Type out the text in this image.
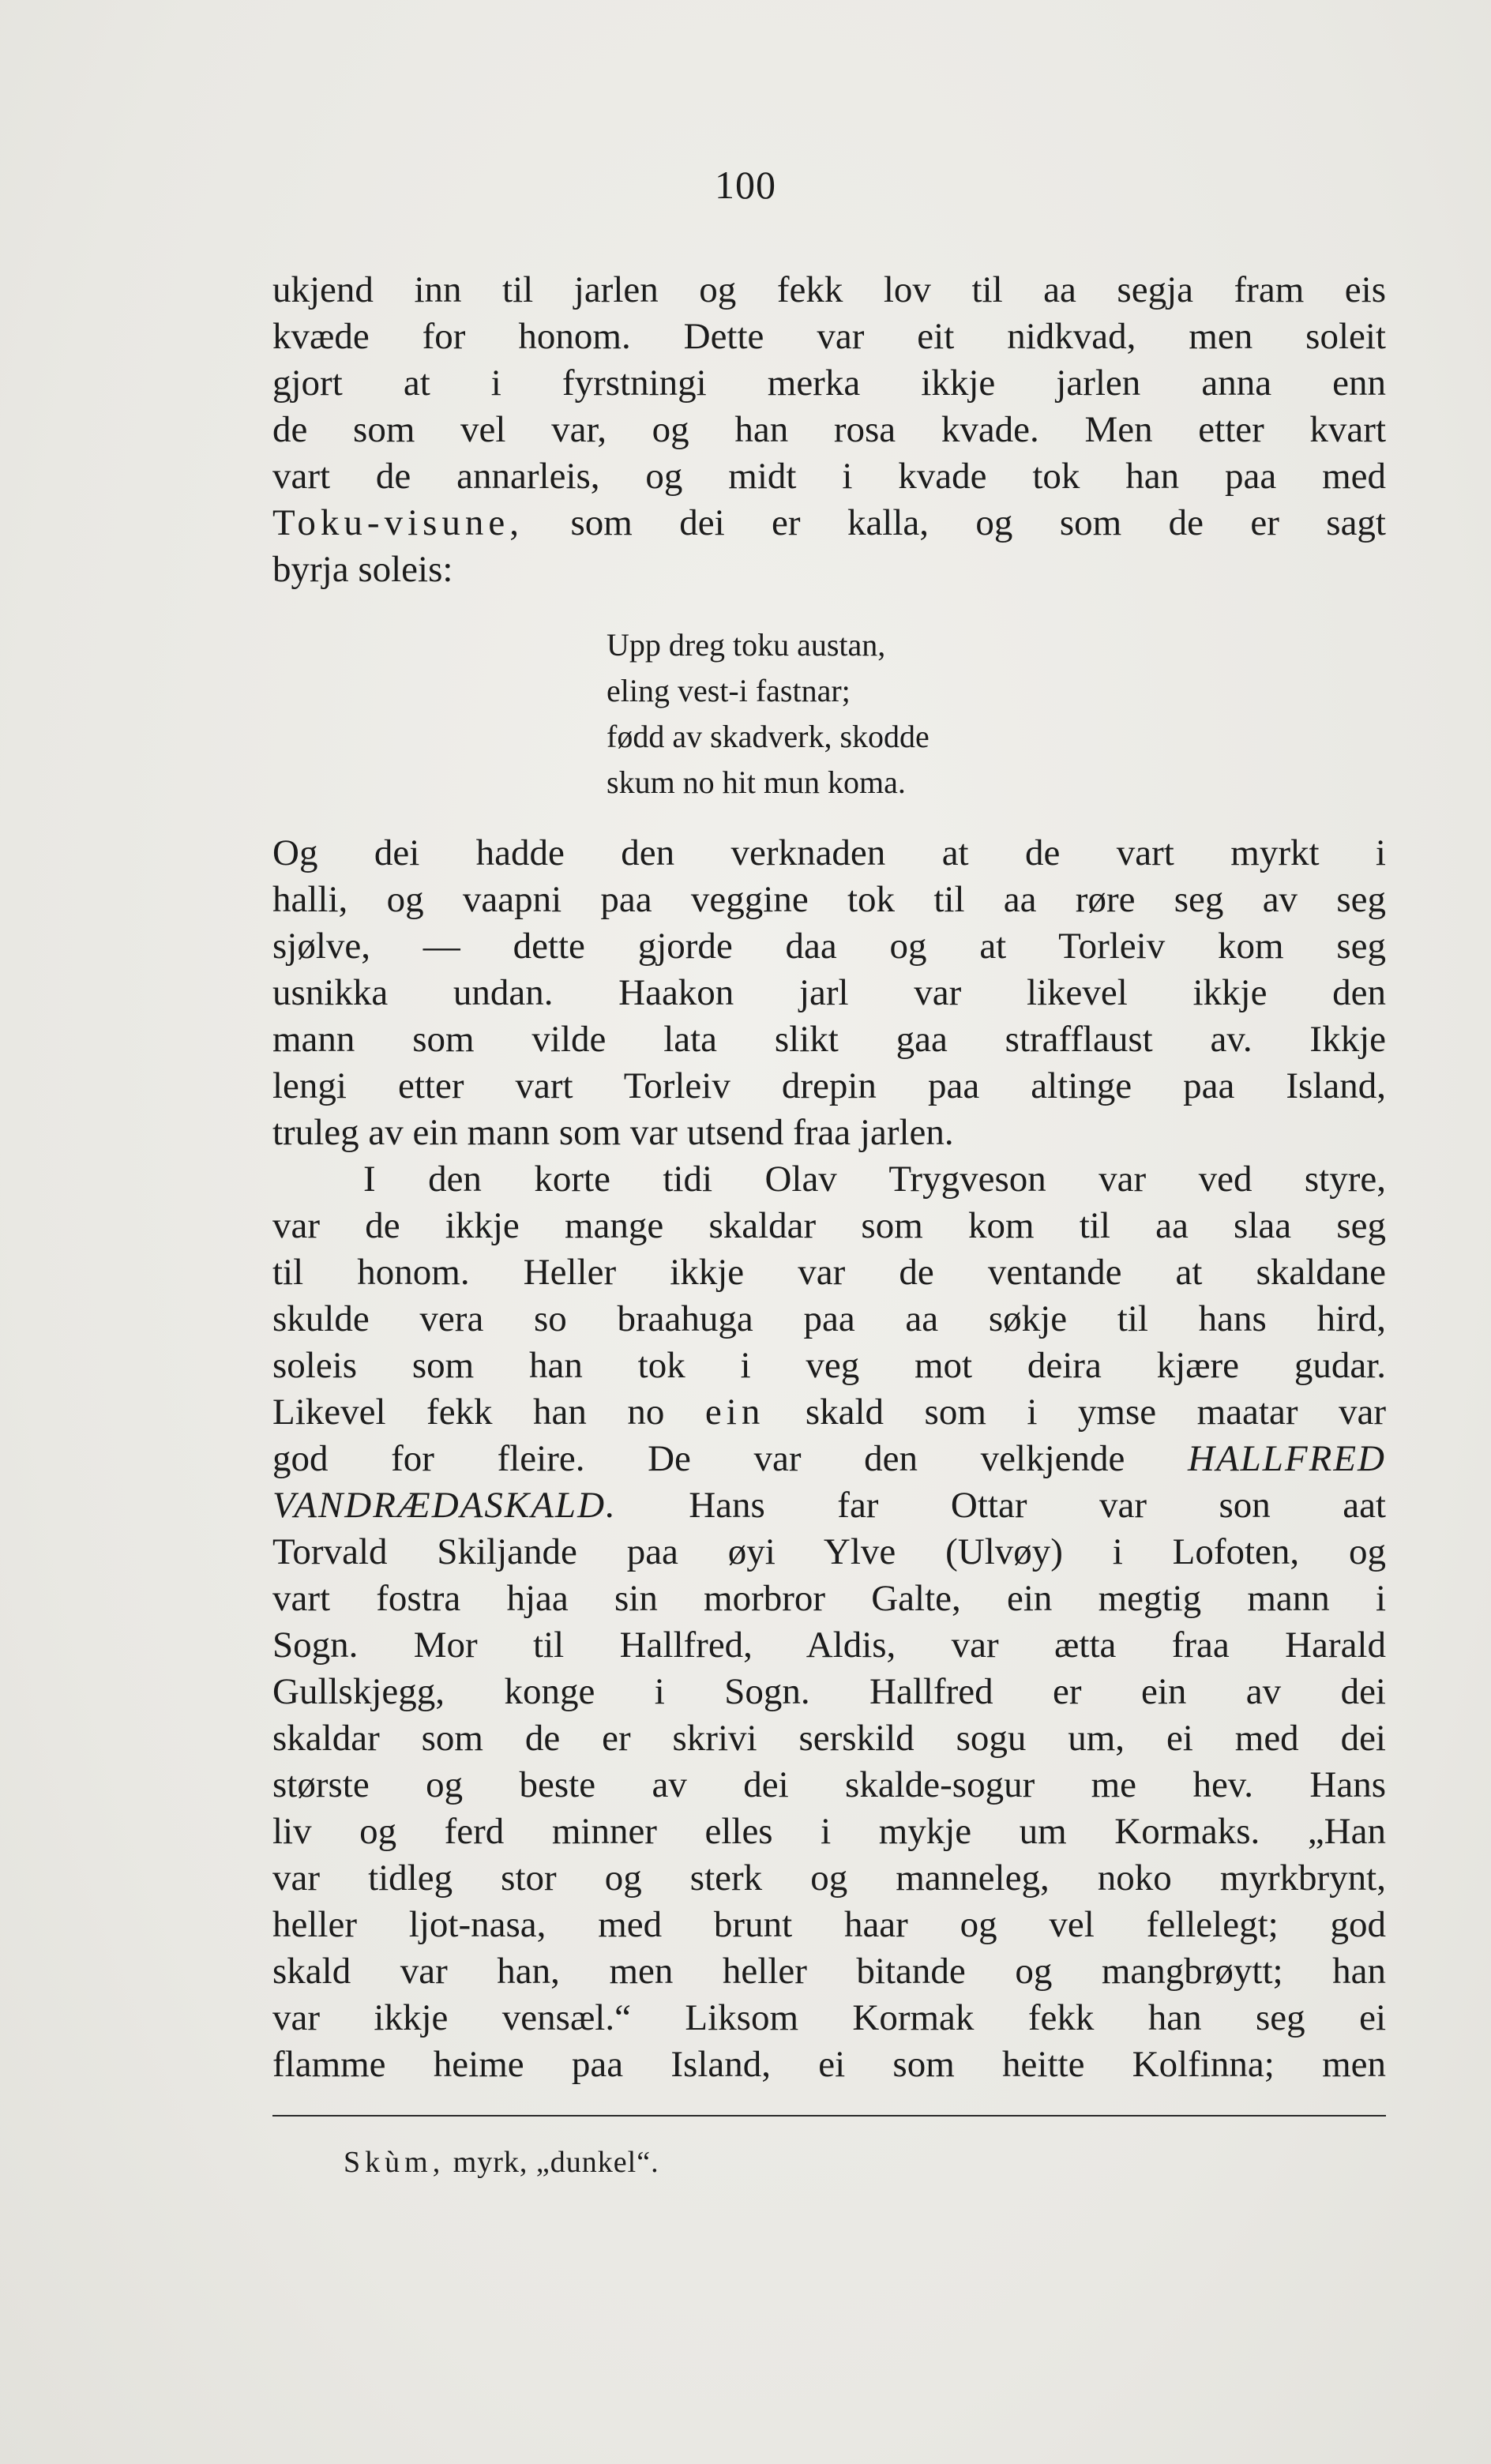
100
ukjend inn til jarlen og fekk lov til aa segja fram eis
kvæde for honom. Dette var eit nidkvad, men soleit
gjort at i fyrstningi merka ikkje jarlen anna enn
de som vel var, og han rosa kvade. Men etter kvart
vart de annarleis, og midt i kvade tok han paa med
Toku-visune, som dei er kalla, og som de er sagt
byrja soleis:
Upp dreg toku austan,
eling vest-i fastnar;
fødd av skadverk, skodde
skum no hit mun koma.
Og dei hadde den verknaden at de vart myrkt i
halli, og vaapni paa veggine tok til aa røre seg av seg
sjølve, — dette gjorde daa og at Torleiv kom seg
usnikka undan. Haakon jarl var likevel ikkje den
mann som vilde lata slikt gaa strafflaust av. Ikkje
lengi etter vart Torleiv drepin paa altinge paa Island,
truleg av ein mann som var utsend fraa jarlen.
I den korte tidi Olav Trygveson var ved styre,
var de ikkje mange skaldar som kom til aa slaa seg
til honom. Heller ikkje var de ventande at skaldane
skulde vera so braahuga paa aa søkje til hans hird,
soleis som han tok i veg mot deira kjære gudar.
Likevel fekk han no ein skald som i ymse maatar var
god for fleire. De var den velkjende HALLFRED
VANDRÆDASKALD. Hans far Ottar var son aat
Torvald Skiljande paa øyi Ylve (Ulvøy) i Lofoten, og
vart fostra hjaa sin morbror Galte, ein megtig mann i
Sogn. Mor til Hallfred, Aldis, var ætta fraa Harald
Gullskjegg, konge i Sogn. Hallfred er ein av dei
skaldar som de er skrivi serskild sogu um, ei med dei
største og beste av dei skalde-sogur me hev. Hans
liv og ferd minner elles i mykje um Kormaks. „Han
var tidleg stor og sterk og manneleg, noko myrkbrynt,
heller ljot-nasa, med brunt haar og vel fellelegt; god
skald var han, men heller bitande og mangbrøytt; han
var ikkje vensæl.“ Liksom Kormak fekk han seg ei
flamme heime paa Island, ei som heitte Kolfinna; men
Skùm, myrk, „dunkel“.
